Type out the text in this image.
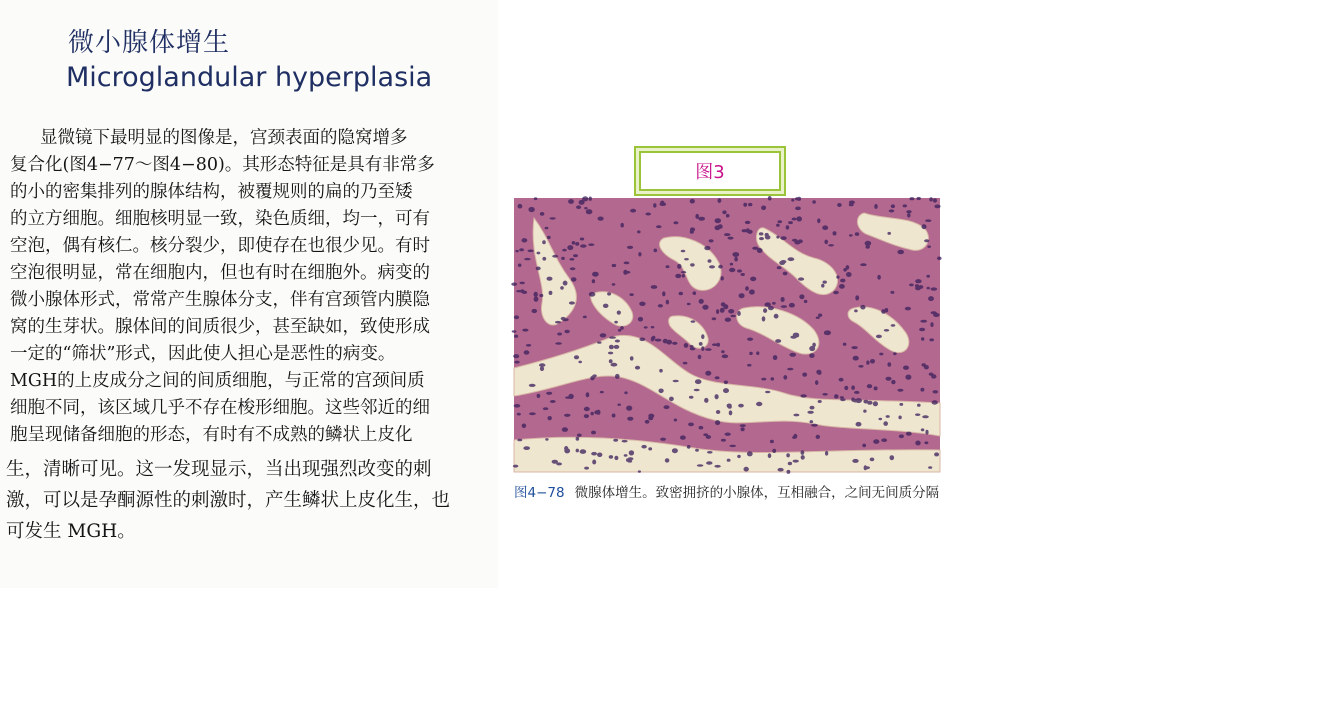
微小腺体增生
Microglandular hyperplasia
显微镜下最明显的图像是，宫颈表面的隐窝增多
复合化(图4−77～图4−80)。其形态特征是具有非常多
的小的密集排列的腺体结构，被覆规则的扁的乃至矮
的立方细胞。细胞核明显一致，染色质细，均一，可有
空泡，偶有核仁。核分裂少，即使存在也很少见。有时
空泡很明显，常在细胞内，但也有时在细胞外。病变的
微小腺体形式，常常产生腺体分支，伴有宫颈管内膜隐
窝的生芽状。腺体间的间质很少，甚至缺如，致使形成
一定的“筛状”形式，因此使人担心是恶性的病变。
MGH的上皮成分之间的间质细胞，与正常的宫颈间质
细胞不同，该区域几乎不存在梭形细胞。这些邻近的细
胞呈现储备细胞的形态，有时有不成熟的鳞状上皮化
生，清晰可见。这一发现显示，当出现强烈改变的刺
激，可以是孕酮源性的刺激时，产生鳞状上皮化生，也
可发生 MGH。
图3
华夏病理学网 bbs.ipathology.cn
图4−78 微腺体增生。致密拥挤的小腺体，互相融合，之间无间质分隔
